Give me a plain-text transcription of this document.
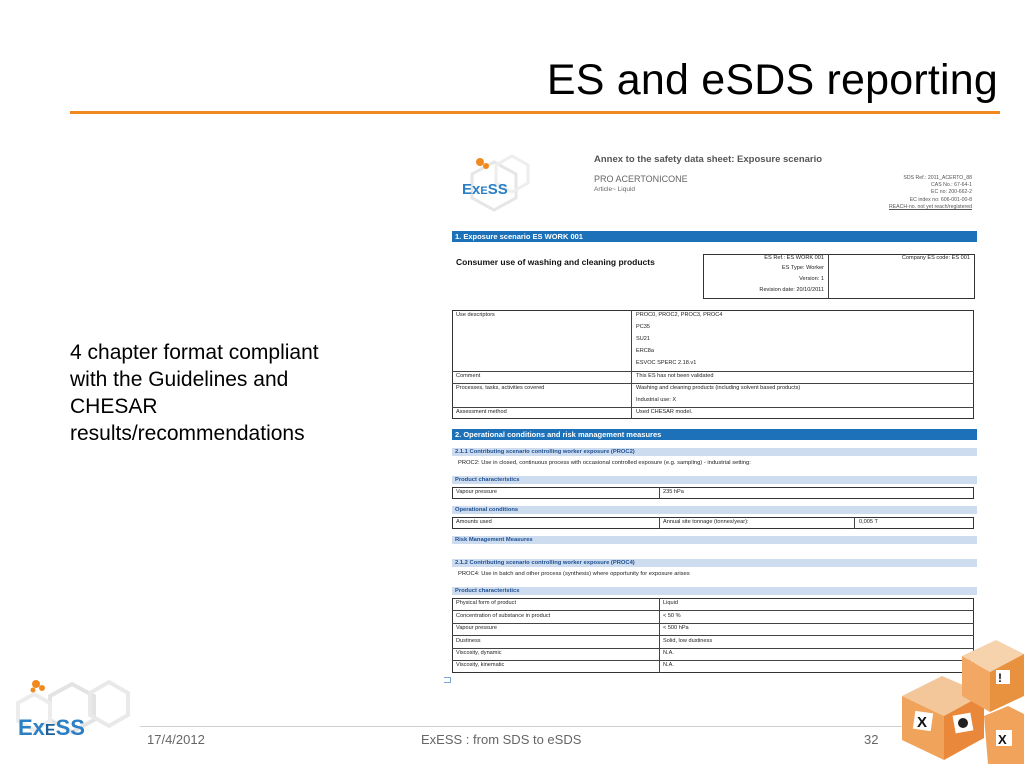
ES and eSDS reporting
4 chapter format compliant
with the Guidelines and
CHESAR
results/recommendations
ExESS
Annex to the safety data sheet: Exposure scenario
PRO ACERTONICONE
Article~ Liquid
SDS Ref.: 2011_ACERTO_88
CAS No.: 67-64-1
EC no: 200-662-2
EC index no: 606-001-00-8
REACH-no. not yet reach/registered
1. Exposure scenario ES WORK 001
Consumer use of washing and cleaning products	ES Ref.: ES WORK 001
ES Type: Worker
Version: 1
Revision date: 20/10/2011
Company ES code: ES 001
Use descriptors	PROC0, PROC2, PROC3, PROC4
PC35
SU21
ERC8a
ESVOC SPERC 2.18.v1
Comment	This ES has not been validated
Processes, tasks, activities covered	Washing and cleaning products (including solvent based products)
Industrial use: X
Assessment method	Used CHESAR model.
2. Operational conditions and risk management measures
2.1.1 Contributing scenario controlling worker exposure (PROC2)
PROC2: Use in closed, continuous process with occasional controlled exposure (e.g. sampling) - industrial setting:
Product characteristics
Vapour pressure	235 hPa
Operational conditions
Amounts used	Annual site tonnage (tonnes/year):	0,005 T
Risk Management Measures
2.1.2 Contributing scenario controlling worker exposure (PROC4)
PROC4: Use in batch and other process (synthesis) where opportunity for exposure arises
Product characteristics
Physical form of product	Liquid
Concentration of substance in product	< 50 %
Vapour pressure	< 500 hPa
Dustiness	Solid, low dustiness
Viscosity, dynamic	N.A.
Viscosity, kinematic	N.A.
ExESS	17/4/2012	ExESS : from SDS to eSDS	32
X
!
X
